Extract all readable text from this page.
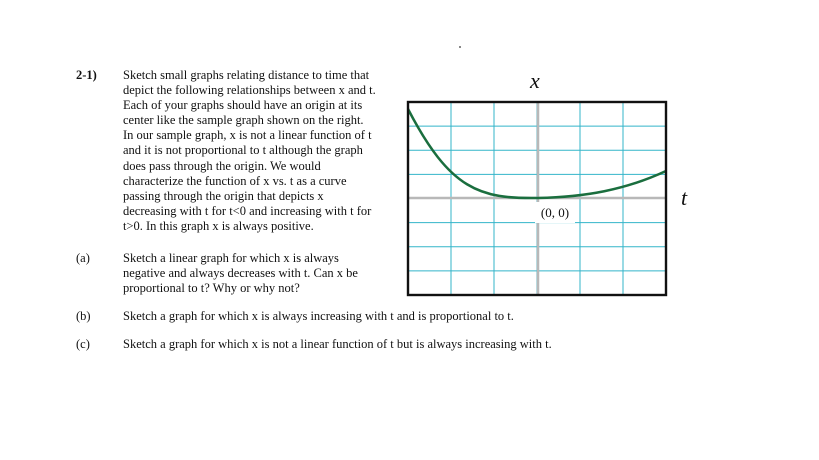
2-1) Sketch small graphs relating distance to time that
depict the following relationships between x and t.
Each of your graphs should have an origin at its
center like the sample graph shown on the right.
In our sample graph, x is not a linear function of t
and it is not proportional to t although the graph
does pass through the origin. We would
characterize the function of x vs. t as a curve
passing through the origin that depicts x
decreasing with t for t<0 and increasing with t for
t>0. In this graph x is always positive.
(a)	Sketch a linear graph for which x is always
negative and always decreases with t. Can x be
proportional to t? Why or why not?
(b)	Sketch a graph for which x is always increasing with t and is proportional to t.
(c)	Sketch a graph for which x is not a linear function of t but is always increasing with t.
(0, 0)
x
t
